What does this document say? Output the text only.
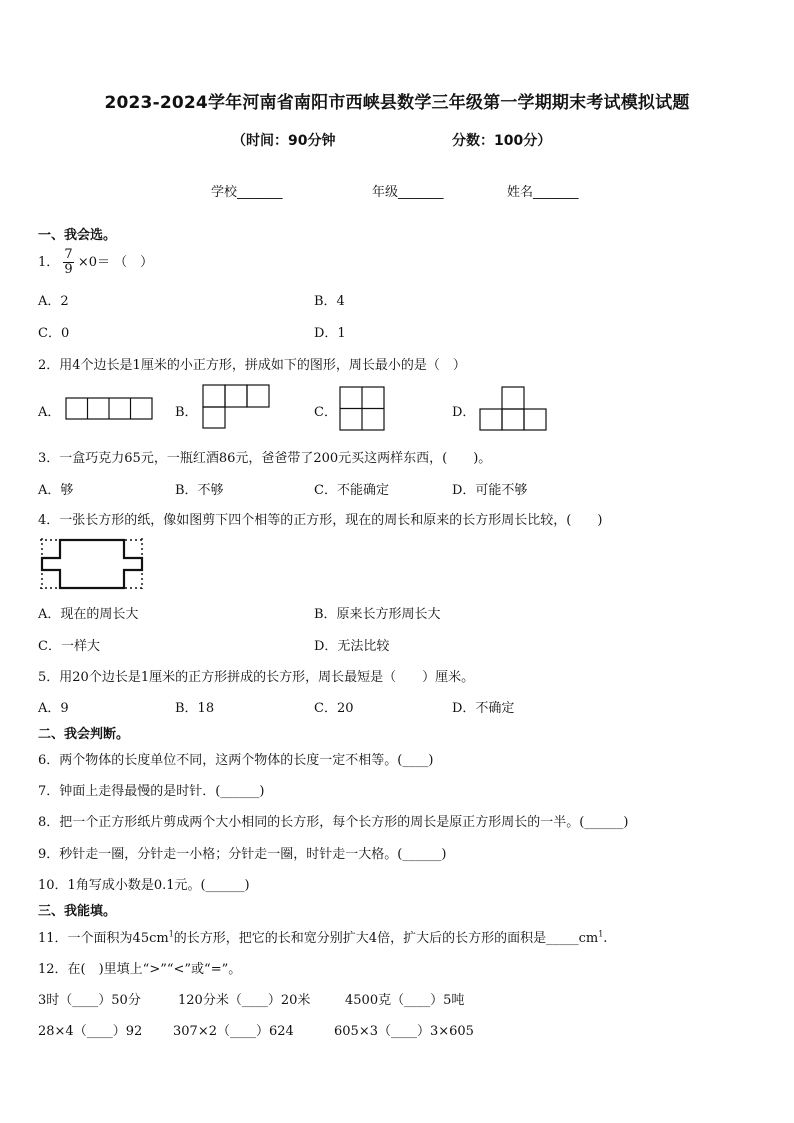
2023-2024学年河南省南阳市西峡县数学三年级第一学期期末考试模拟试题
（时间：90分钟	分数：100分）
学校_______	年级_______	姓名_______
一、我会选。
1． $\frac{7}{9} \times 0=$ （　）
A．2	B．4
C．0	D．1
2．用4个边长是1厘米的小正方形，拼成如下的图形，周长最小的是（　）
A．	B．	C．	D．
3．一盒巧克力65元，一瓶红酒86元，爸爸带了200元买这两样东西，(　　)。
A．够	B．不够	C．不能确定	D．可能不够
4．一张长方形的纸，像如图剪下四个相等的正方形，现在的周长和原来的长方形周长比较，(　　)
A．现在的周长大	B．原来长方形周长大
C．一样大	D．无法比较
5．用20个边长是1厘米的正方形拼成的长方形，周长最短是（　　）厘米。
A．9	B．18	C．20	D．不确定
二、我会判断。
6．两个物体的长度单位不同，这两个物体的长度一定不相等。(____)
7．钟面上走得最慢的是时针．(______)
8．把一个正方形纸片剪成两个大小相同的长方形，每个长方形的周长是原正方形周长的一半。(______)
9．秒针走一圈，分针走一小格；分针走一圈，时针走一大格。(______)
10．1角写成小数是0.1元。(______)
三、我能填。
11．一个面积为$45cm^1$的长方形，把它的长和宽分别扩大4倍，扩大后的长方形的面积是$\_\_\_\_\_cm^1$.
12．在(　)里填上“>”“<”或“=”。
3时（____）50分	120分米（____）20米	4500克（____）5吨
28×4（____）92 307×2（____）624	605×3（____）3×605
